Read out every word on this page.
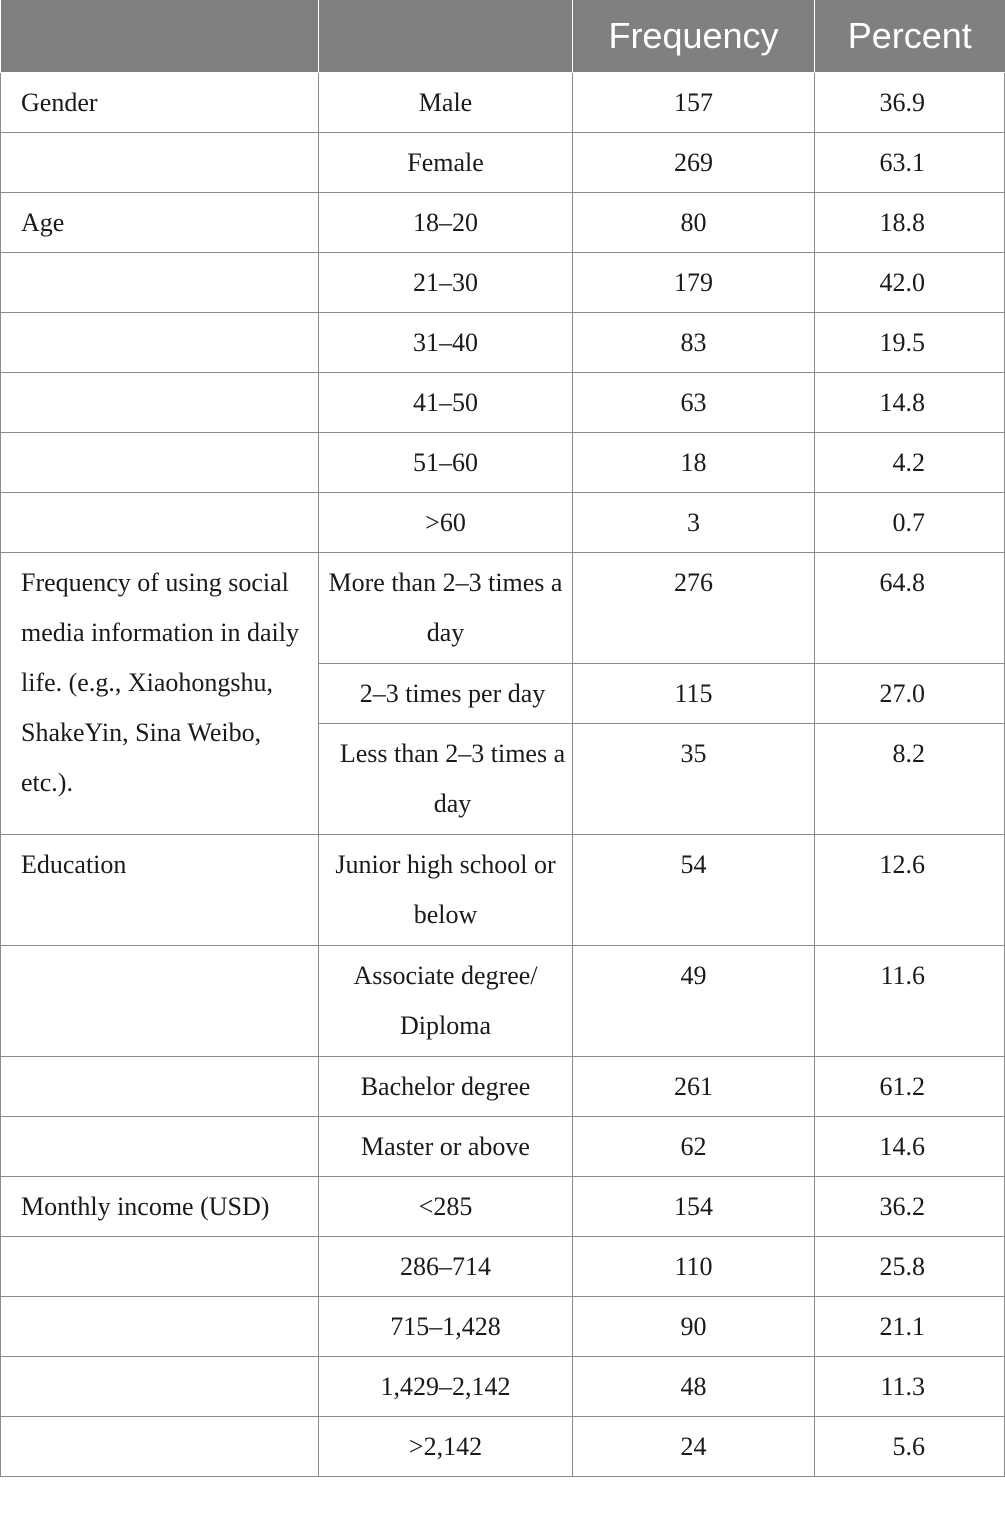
		Frequency	Percent

Gender	Male	157	36.9

	Female	269	63.1

Age	18–20	80	18.8

	21–30	179	42.0

	31–40	83	19.5

	41–50	63	14.8

	51–60	18	4.2

	>60	3	0.7

Frequency of using social media information in daily life. (e.g., Xiaohongshu, ShakeYin, Sina Weibo, etc.).	More than 2–3 times a day	276	64.8

	2–3 times per day	115	27.0

	Less than 2–3 times a day	35	8.2

Education	Junior high school or below	54	12.6

	Associate degree/ Diploma	49	11.6

	Bachelor degree	261	61.2

	Master or above	62	14.6

Monthly income (USD)	<285	154	36.2

	286–714	110	25.8

	715–1,428	90	21.1

	1,429–2,142	48	11.3

	>2,142	24	5.6
